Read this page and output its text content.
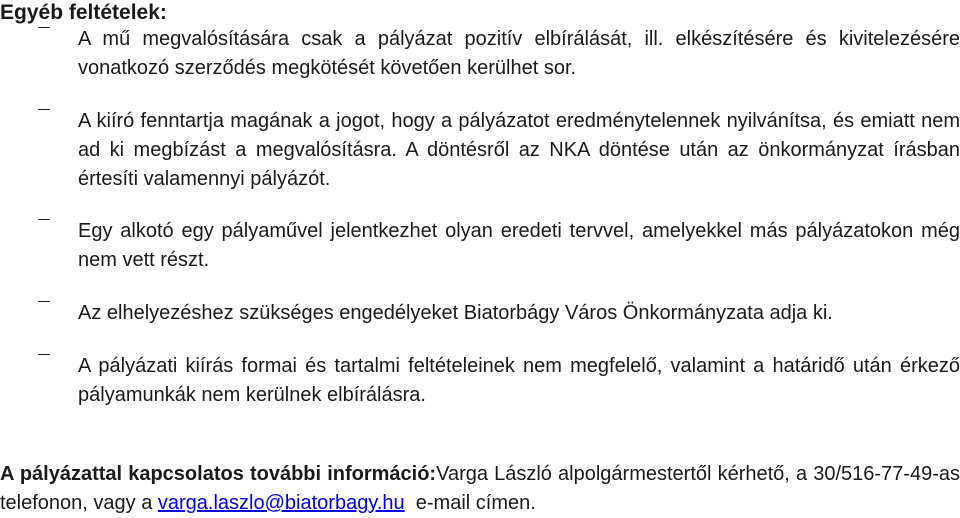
Egyéb feltételek:

A mű megvalósítására csak a pályázat pozitív elbírálását, ill. elkészítésére és kivitelezésére vonatkozó szerződés megkötését követően kerülhet sor.

A kiíró fenntartja magának a jogot, hogy a pályázatot eredménytelennek nyilvánítsa, és emiatt nem ad ki megbízást a megvalósításra. A döntésről az NKA döntése után az önkormányzat írásban értesíti valamennyi pályázót.

Egy alkotó egy pályaművel jelentkezhet olyan eredeti tervvel, amelyekkel más pályázatokon még nem vett részt.

Az elhelyezéshez szükséges engedélyeket Biatorbágy Város Önkormányzata adja ki.

A pályázati kiírás formai és tartalmi feltételeinek nem megfelelő, valamint a határidő után érkező pályamunkák nem kerülnek elbírálásra.

A pályázattal kapcsolatos további információ:Varga László alpolgármestertől kérhető, a 30/516-77-49-as telefonon, vagy a varga.laszlo@biatorbagy.hu  e-mail címen.
